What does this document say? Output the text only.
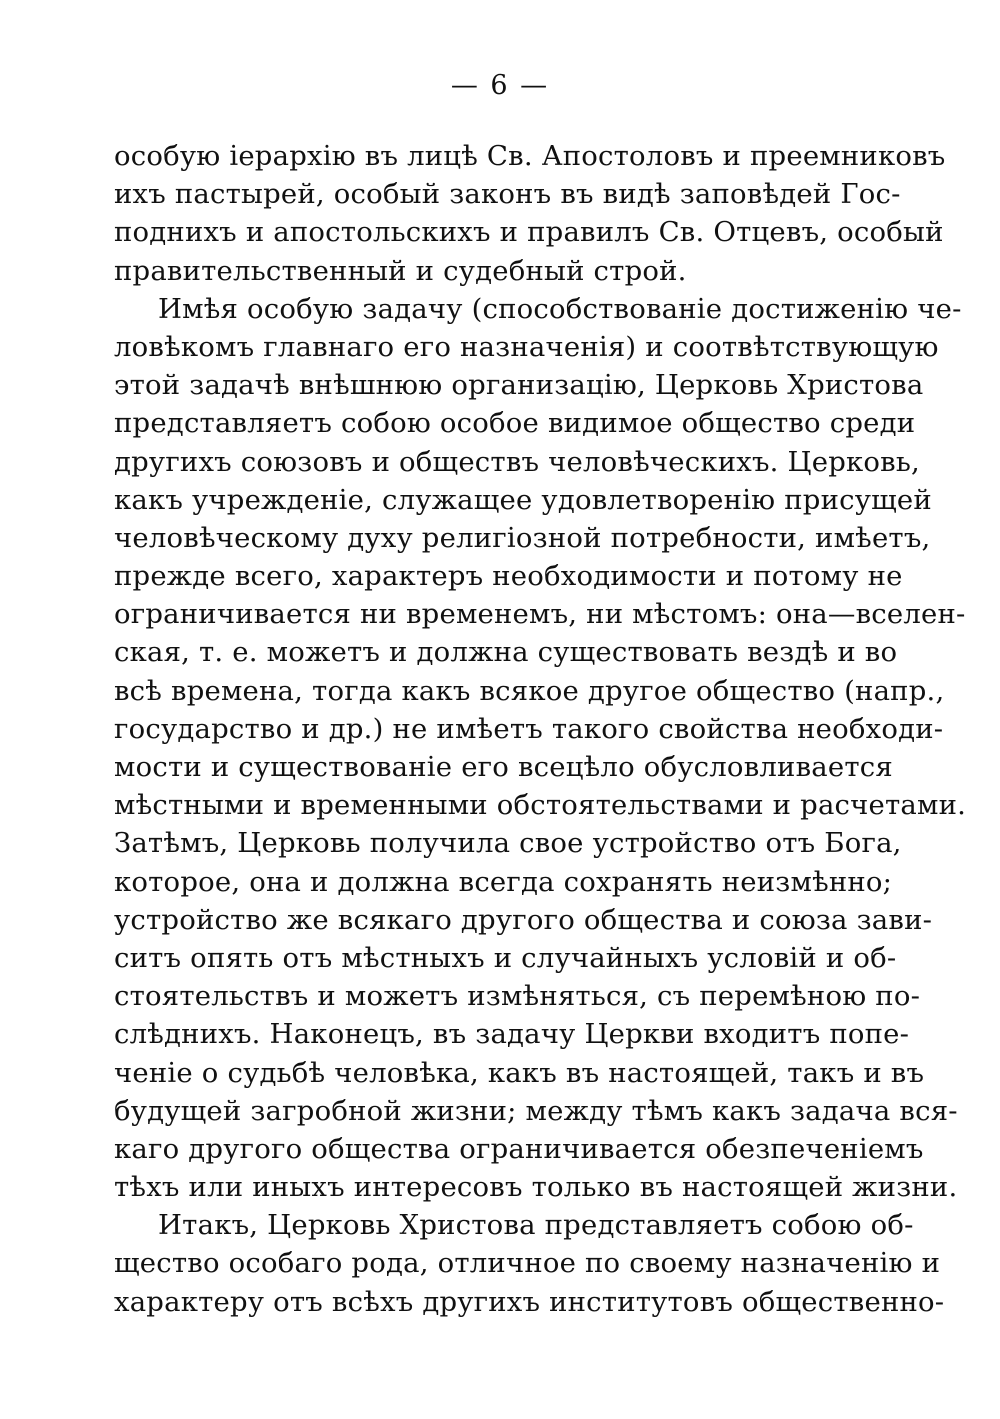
— 6 —
особую іерархію въ лицѣ Св. Апостоловъ и преемниковъ
ихъ пастырей, особый законъ въ видѣ заповѣдей Гос-
поднихъ и апостольскихъ и правилъ Св. Отцевъ, особый
правительственный и судебный строй.
Имѣя особую задачу (способствованіе достиженію че-
ловѣкомъ главнаго его назначенія) и соотвѣтствующую
этой задачѣ внѣшнюю организацію, Церковь Христова
представляетъ собою особое видимое общество среди
другихъ союзовъ и обществъ человѣческихъ. Церковь,
какъ учрежденіе, служащее удовлетворенію присущей
человѣческому духу религіозной потребности, имѣетъ,
прежде всего, характеръ необходимости и потому не
ограничивается ни временемъ, ни мѣстомъ: она—вселен-
ская, т. е. можетъ и должна существовать вездѣ и во
всѣ времена, тогда какъ всякое другое общество (напр.,
государство и др.) не имѣетъ такого свойства необходи-
мости и существованіе его всецѣло обусловливается
мѣстными и временными обстоятельствами и расчетами.
Затѣмъ, Церковь получила свое устройство отъ Бога,
которое, она и должна всегда сохранять неизмѣнно;
устройство же всякаго другого общества и союза зави-
ситъ опять отъ мѣстныхъ и случайныхъ условій и об-
стоятельствъ и можетъ измѣняться, съ перемѣною по-
слѣднихъ. Наконецъ, въ задачу Церкви входитъ попе-
ченіе о судьбѣ человѣка, какъ въ настоящей, такъ и въ
будущей загробной жизни; между тѣмъ какъ задача вся-
каго другого общества ограничивается обезпеченіемъ
тѣхъ или иныхъ интересовъ только въ настоящей жизни.
Итакъ, Церковь Христова представляетъ собою об-
щество особаго рода, отличное по своему назначенію и
характеру отъ всѣхъ другихъ институтовъ общественно-
